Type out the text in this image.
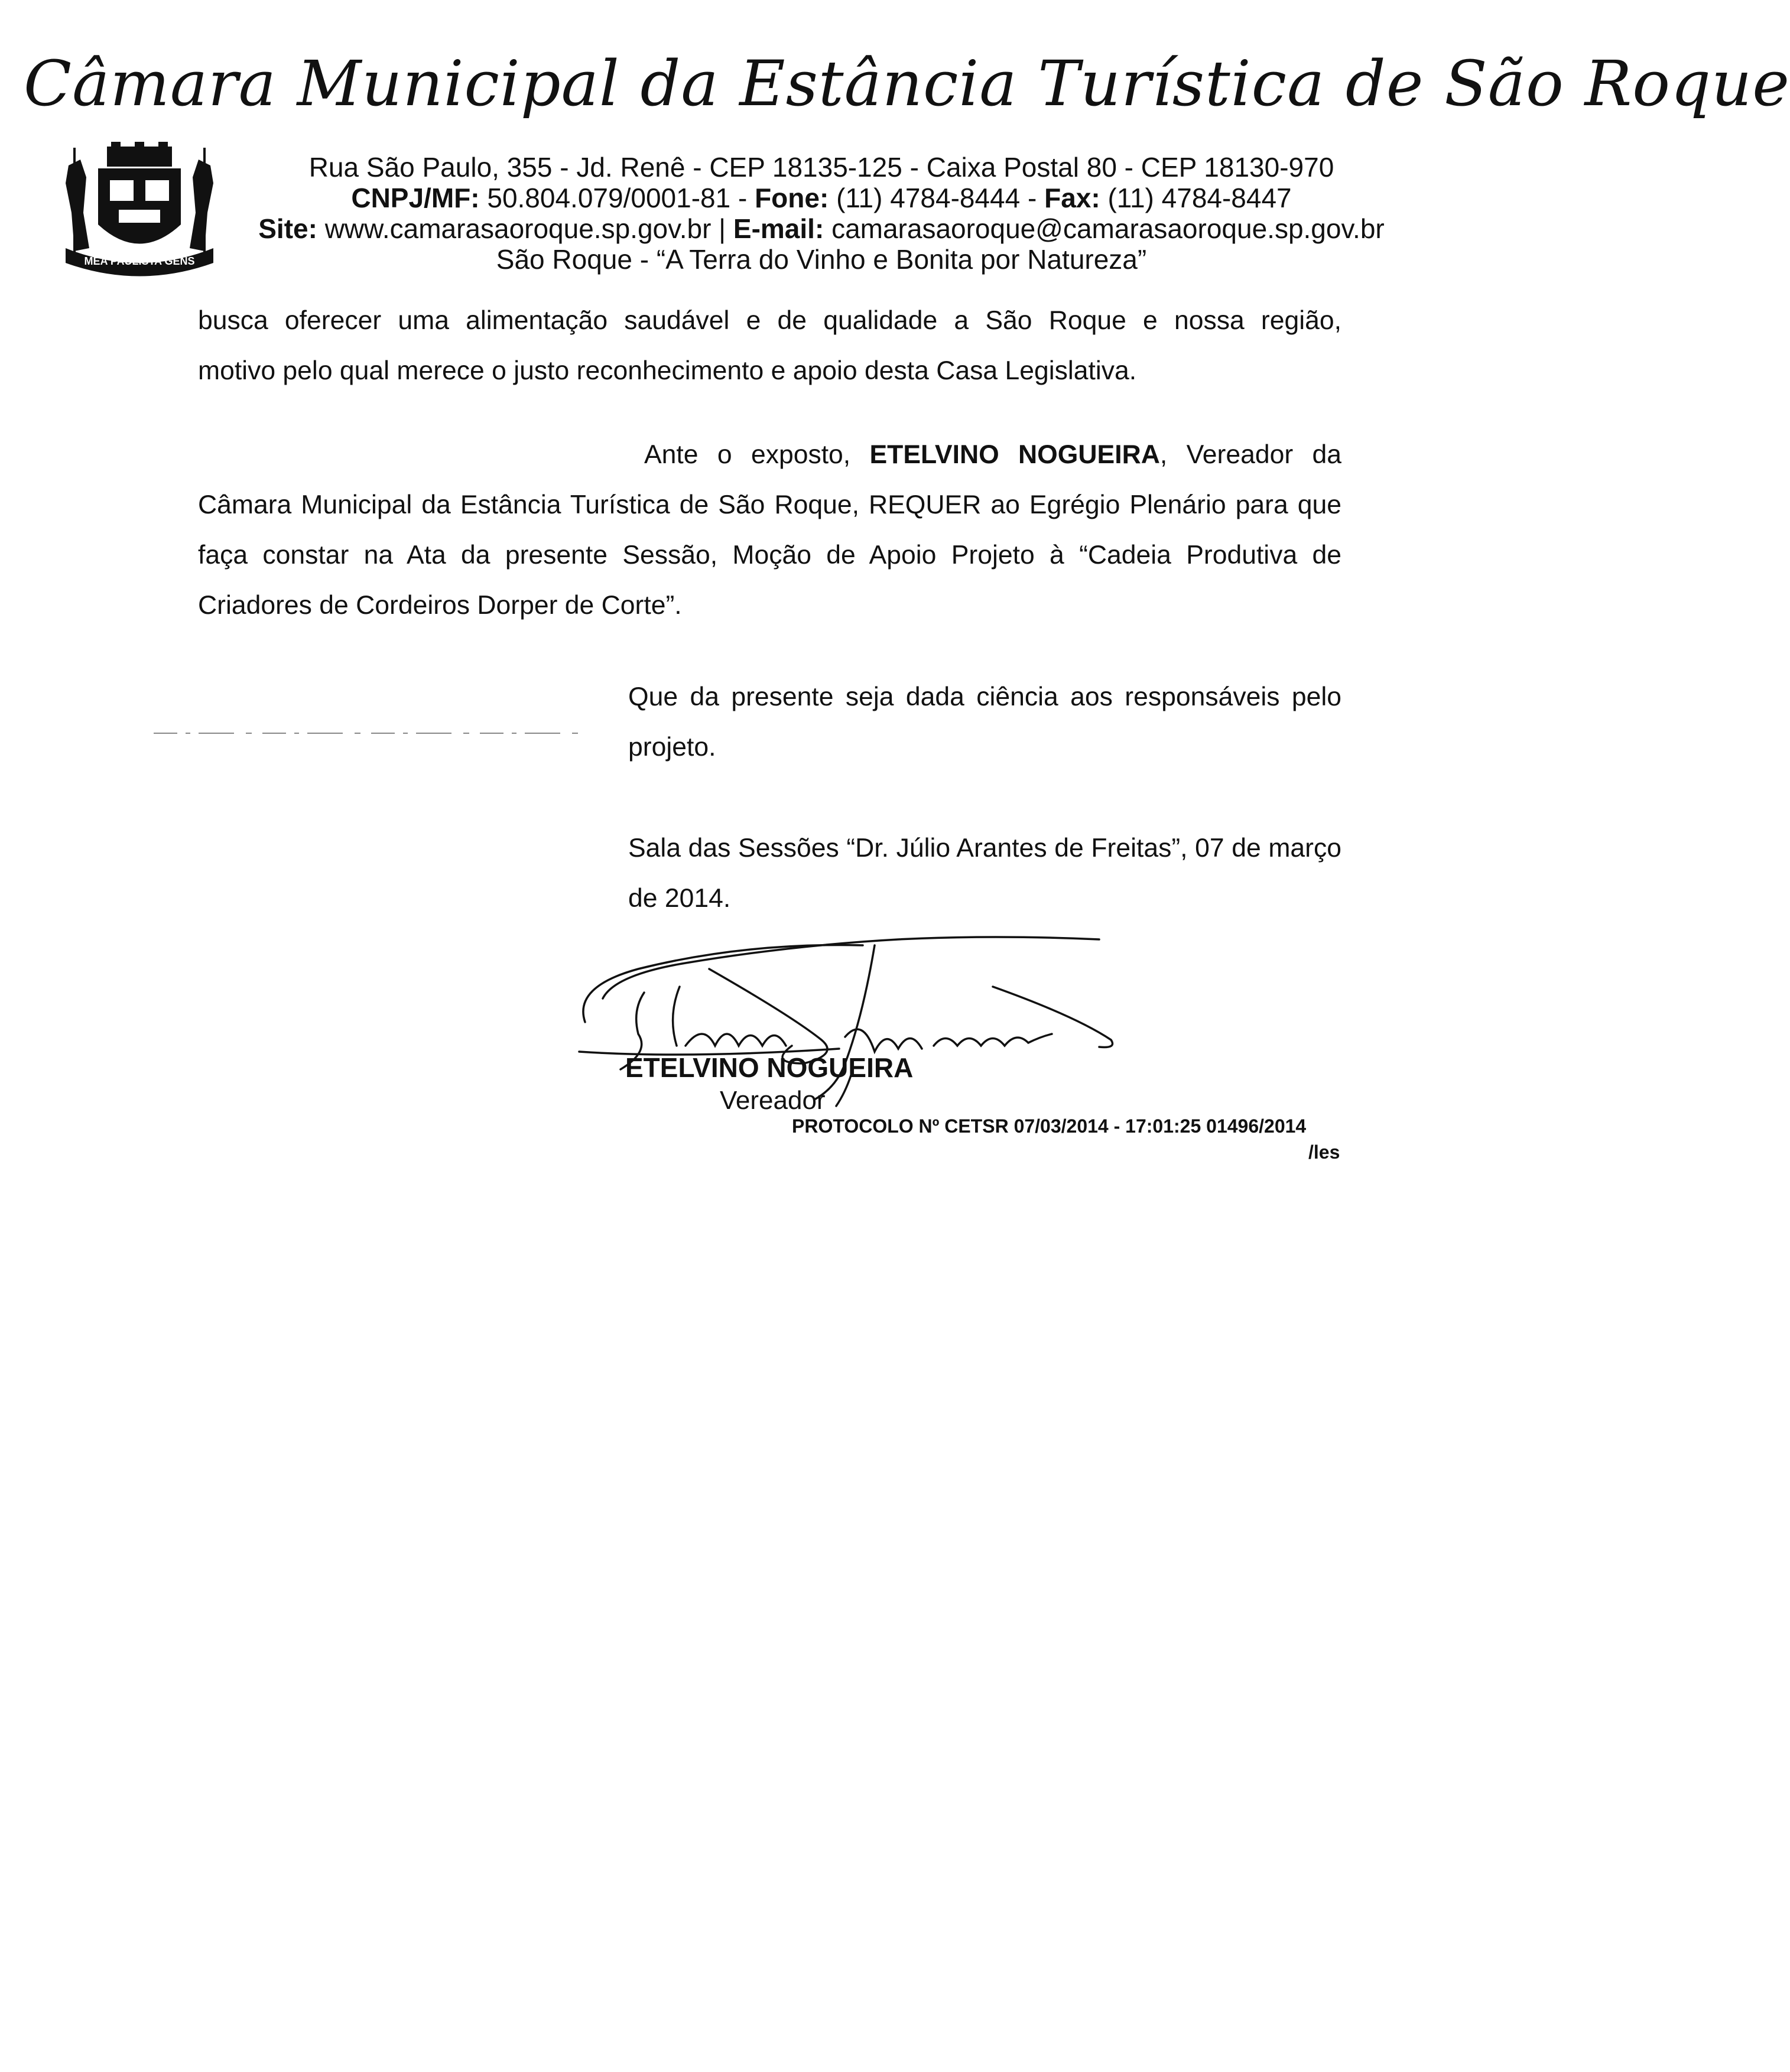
Câmara Municipal da Estância Turística de São Roque
MEA PAULISTA GENS
Rua São Paulo, 355 - Jd. Renê - CEP 18135-125 - Caixa Postal 80 - CEP 18130-970
CNPJ/MF: 50.804.079/0001-81 - Fone: (11) 4784-8444 - Fax: (11) 4784-8447
Site: www.camarasaoroque.sp.gov.br | E-mail: camarasaoroque@camarasaoroque.sp.gov.br
São Roque - “A Terra do Vinho e Bonita por Natureza”
busca oferecer uma alimentação saudável e de qualidade a São Roque e nossa região,
motivo pelo qual merece o justo reconhecimento e apoio desta Casa Legislativa.
Ante o exposto, ETELVINO NOGUEIRA, Vereador da Câmara Municipal da Estância Turística de São Roque, REQUER ao Egrégio Plenário para que faça constar na Ata da presente Sessão, Moção de Apoio Projeto à “Cadeia Produtiva de Criadores de Cordeiros Dorper de Corte”.
Que da presente seja dada ciência aos responsáveis pelo projeto.
Sala das Sessões “Dr. Júlio Arantes de Freitas”, 07 de março de 2014.
ETELVINO NOGUEIRA
Vereador
PROTOCOLO Nº CETSR 07/03/2014 - 17:01:25 01496/2014
/les
